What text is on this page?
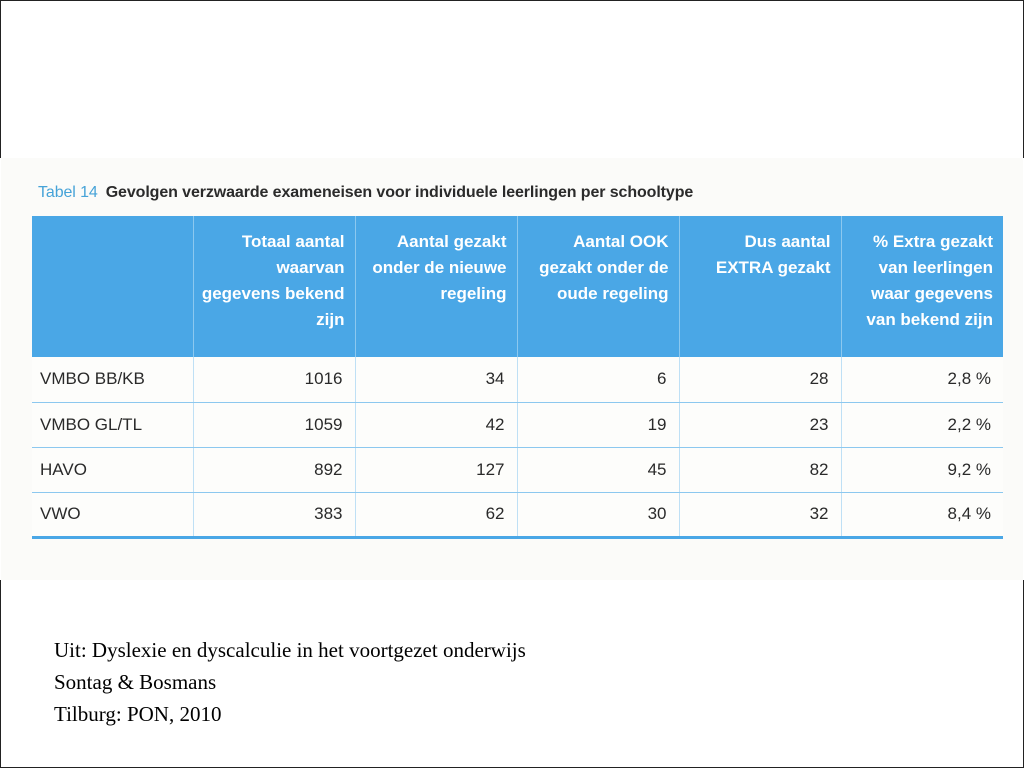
Tabel 14 Gevolgen verzwaarde exameneisen voor individuele leerlingen per schooltype
	Totaal aantal waarvan gegevens bekend zijn	Aantal gezakt onder de nieuwe regeling	Aantal OOK gezakt onder de oude regeling	Dus aantal EXTRA gezakt	% Extra gezakt van leerlingen waar gegevens van bekend zijn
VMBO BB/KB	1016	34	6	28	2,8 %
VMBO GL/TL	1059	42	19	23	2,2 %
HAVO	892	127	45	82	9,2 %
VWO	383	62	30	32	8,4 %
Uit: Dyslexie en dyscalculie in het voortgezet onderwijs
Sontag & Bosmans
Tilburg: PON, 2010
